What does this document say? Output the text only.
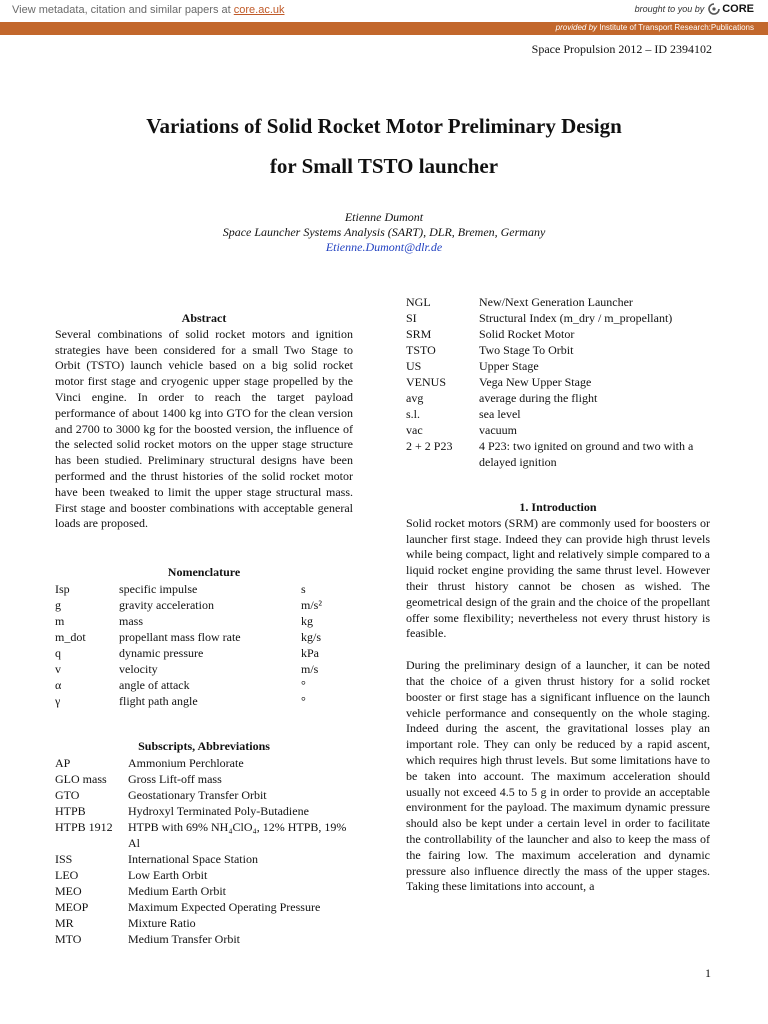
View metadata, citation and similar papers at core.ac.uk	brought to you by CORE
provided by Institute of Transport Research:Publications
Space Propulsion 2012 – ID 2394102
Variations of Solid Rocket Motor Preliminary Design
for Small TSTO launcher
Etienne Dumont
Space Launcher Systems Analysis (SART), DLR, Bremen, Germany
Etienne.Dumont@dlr.de
Abstract
Several combinations of solid rocket motors and ignition strategies have been considered for a small Two Stage to Orbit (TSTO) launch vehicle based on a big solid rocket motor first stage and cryogenic upper stage propelled by the Vinci engine. In order to reach the target payload performance of about 1400 kg into GTO for the clean version and 2700 to 3000 kg for the boosted version, the influence of the selected solid rocket motors on the upper stage structure has been studied. Preliminary structural designs have been performed and the thrust histories of the solid rocket motor have been tweaked to limit the upper stage structural mass. First stage and booster combinations with acceptable general loads are proposed.
Nomenclature
Isp	specific impulse	s
g	gravity acceleration	m/s²
m	mass	kg
m_dot	propellant mass flow rate	kg/s
q	dynamic pressure	kPa
v	velocity	m/s
α	angle of attack	°
γ	flight path angle	°
Subscripts, Abbreviations
AP	Ammonium Perchlorate
GLO mass	Gross Lift-off mass
GTO	Geostationary Transfer Orbit
HTPB	Hydroxyl Terminated Poly-Butadiene
HTPB 1912	HTPB with 69% NH₄ClO₄, 12% HTPB, 19% Al
ISS	International Space Station
LEO	Low Earth Orbit
MEO	Medium Earth Orbit
MEOP	Maximum Expected Operating Pressure
MR	Mixture Ratio
MTO	Medium Transfer Orbit
NGL	New/Next Generation Launcher
SI	Structural Index (m_dry / m_propellant)
SRM	Solid Rocket Motor
TSTO	Two Stage To Orbit
US	Upper Stage
VENUS	Vega New Upper Stage
avg	average during the flight
s.l.	sea level
vac	vacuum
2 + 2 P23	4 P23: two ignited on ground and two with a delayed ignition
1. Introduction
Solid rocket motors (SRM) are commonly used for boosters or launcher first stage. Indeed they can provide high thrust levels while being compact, light and relatively simple compared to a liquid rocket engine providing the same thrust level. However their thrust history cannot be chosen as wished. The geometrical design of the grain and the choice of the propellant offer some flexibility; nevertheless not every thrust history is feasible.
During the preliminary design of a launcher, it can be noted that the choice of a given thrust history for a solid rocket booster or first stage has a significant influence on the launch vehicle performance and consequently on the whole staging. Indeed during the ascent, the gravitational losses play an important role. They can only be reduced by a rapid ascent, which requires high thrust levels. But some limitations have to be taken into account. The maximum acceleration should usually not exceed 4.5 to 5 g in order to provide an acceptable environment for the payload. The maximum dynamic pressure should also be kept under a certain level in order to facilitate the controllability of the launcher and also to keep the mass of the fairing low. The maximum acceleration and dynamic pressure also influence directly the mass of the upper stages. Taking these limitations into account, a
1
